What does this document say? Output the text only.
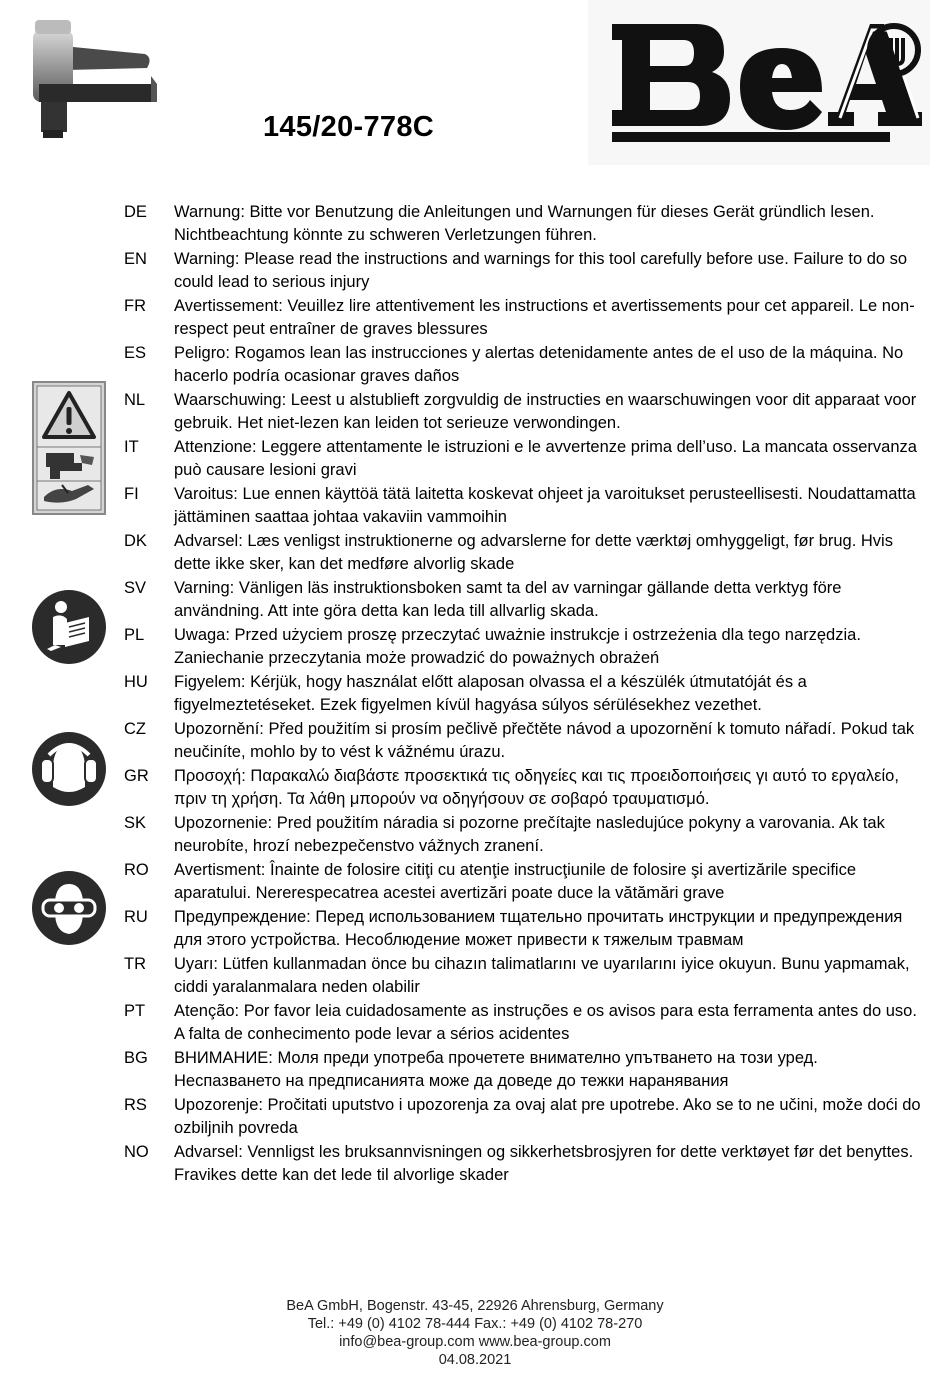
145/20-778C
DE	Warnung: Bitte vor Benutzung die Anleitungen und Warnungen für dieses Gerät gründlich lesen. Nichtbeachtung könnte zu schweren Verletzungen führen.
EN	Warning: Please read the instructions and warnings for this tool carefully before use. Failure to do so could lead to serious injury
FR	Avertissement: Veuillez lire attentivement les instructions et avertissements pour cet appareil. Le non-respect peut entraîner de graves blessures
ES	Peligro: Rogamos lean las instrucciones y alertas detenidamente antes de el uso de la máquina. No hacerlo podría ocasionar graves daños
NL	Waarschuwing: Leest u alstublieft zorgvuldig de instructies en waarschuwingen voor dit apparaat voor gebruik. Het niet-lezen kan leiden tot serieuze verwondingen.
IT	Attenzione: Leggere attentamente le istruzioni e le avvertenze prima dell’uso. La mancata osservanza può causare lesioni gravi
FI	Varoitus: Lue ennen käyttöä tätä laitetta koskevat ohjeet ja varoitukset perusteellisesti. Noudattamatta jättäminen saattaa johtaa vakaviin vammoihin
DK	Advarsel: Læs venligst instruktionerne og advarslerne for dette værktøj omhyggeligt, før brug. Hvis dette ikke sker, kan det medføre alvorlig skade
SV	Varning: Vänligen läs instruktionsboken samt ta del av varningar gällande detta verktyg före användning. Att inte göra detta kan leda till allvarlig skada.
PL	Uwaga: Przed użyciem proszę przeczytać uważnie instrukcje i ostrzeżenia dla tego narzędzia. Zaniechanie przeczytania może prowadzić do poważnych obrażeń
HU	Figyelem: Kérjük, hogy használat előtt alaposan olvassa el a készülék útmutatóját és a figyelmeztetéseket. Ezek figyelmen kívül hagyása súlyos sérülésekhez vezethet.
CZ	Upozornění: Před použitím si prosím pečlivě přečtěte návod a upozornění k tomuto nářadí. Pokud tak neučiníte, mohlo by to vést k vážnému úrazu.
GR	Προσοχή: Παρακαλώ διαβάστε προσεκτικά τις οδηγείες και τις προειδοποιήσεις γι αυτό το εργαλείο, πριν τη χρήση. Τα λάθη μπορούν να οδηγήσουν σε σοβαρό τραυματισμό.
SK	Upozornenie: Pred použitím náradia si pozorne prečítajte nasledujúce pokyny a varovania. Ak tak neurobíte, hrozí nebezpečenstvo vážnych zranení.
RO	Avertisment: Înainte de folosire citiţi cu atenţie instrucţiunile de folosire şi avertizările specifice aparatului. Nererespecatrea acestei avertizări poate duce la vătămări grave
RU	Предупреждение: Перед использованием тщательно прочитать инструкции и предупреждения для этого устройства. Несоблюдение может привести к тяжелым травмам
TR	Uyarı: Lütfen kullanmadan önce bu cihazın talimatlarını ve uyarılarını iyice okuyun. Bunu yapmamak, ciddi yaralanmalara neden olabilir
PT	Atenção: Por favor leia cuidadosamente as instruções e os avisos para esta ferramenta antes do uso. A falta de conhecimento pode levar a sérios acidentes
BG	ВНИМАНИЕ: Моля преди употреба прочетете внимателно упътването на този уред. Неспазването на предписанията може да доведе до тежки наранявания
RS	Upozorenje: Pročitati uputstvo i upozorenja za ovaj alat pre upotrebe. Ako se to ne učini, može doći do ozbiljnih povreda
NO	Advarsel: Vennligst les bruksannvisningen og sikkerhetsbrosjyren for dette verktøyet før det benyttes. Fravikes dette kan det lede til alvorlige skader
BeA GmbH, Bogenstr. 43-45, 22926 Ahrensburg, Germany
Tel.: +49 (0) 4102 78-444 Fax.: +49 (0) 4102 78-270
info@bea-group.com www.bea-group.com
04.08.2021
